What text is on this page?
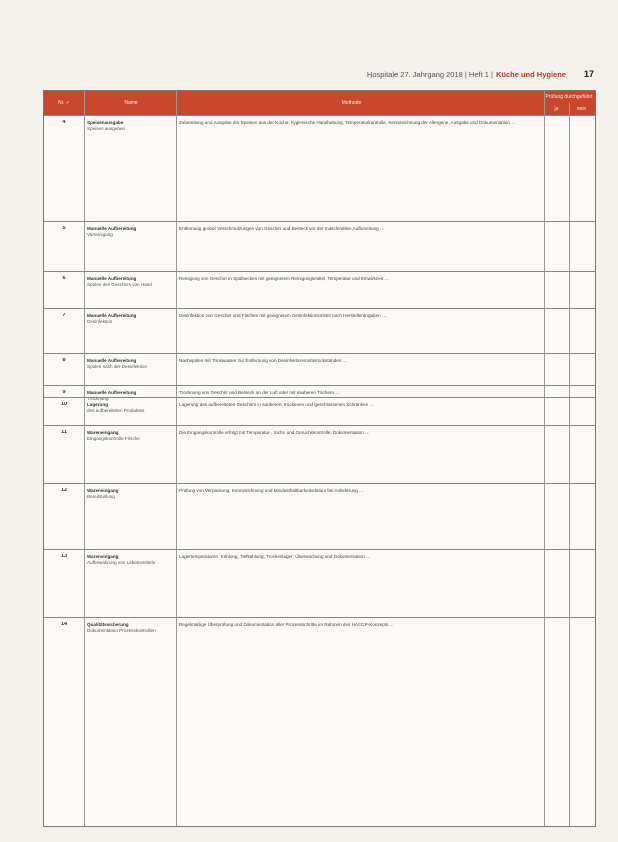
Hospitale 27. Jahrgang 2018 | Heft 1 | Küche und Hygiene 17
Nr. ✓	Name	Methode
Prüfung durchgeführt
ja	nein
4	Speisenausgabe
Speisen ausgeben
Zubereitung und Ausgabe der Speisen aus der Küche; hygienische Handhabung, Temperaturkontrolle, Kennzeichnung der Allergene, Ausgabe und Dokumentation …
5	Manuelle Aufbereitung
Vorreinigung
Entfernung grober Verschmutzungen von Geschirr und Besteck vor der maschinellen Aufbereitung …
6	Manuelle Aufbereitung
Spülen des Geschirrs von Hand
Reinigung von Geschirr in Spülbecken mit geeignetem Reinigungsmittel, Temperatur und Einwirkzeit …
7	Manuelle Aufbereitung
Desinfektion
Desinfektion von Geschirr und Flächen mit geeignetem Desinfektionsmittel nach Herstellerangaben …
8	Manuelle Aufbereitung
Spülen nach der Desinfektion
Nachspülen mit Trinkwasser zur Entfernung von Desinfektionsmittelrückständen …
9	Manuelle Aufbereitung
Trocknung
Trocknung von Geschirr und Besteck an der Luft oder mit sauberen Tüchern …
10	Lagerung
des aufbereiteten Produktes
Lagerung des aufbereiteten Geschirrs in sauberen, trockenen und geschlossenen Schränken …
11	Wareneingang
Eingangskontrolle Frische
Die Eingangskontrolle erfolgt mit Temperatur-, Sicht- und Geruchskontrolle; Dokumentation …
12	Wareneingang
Bereitstellung
Prüfung von Verpackung, Kennzeichnung und Mindesthaltbarkeitsdatum bei Anlieferung …
13	Wareneingang
Aufbewahrung von Lebensmitteln
Lagertemperaturen: Kühlung, Tiefkühlung, Trockenlager; Überwachung und Dokumentation …
14	Qualitätssicherung
Dokumentation Prozesskontrollen
Regelmäßige Überprüfung und Dokumentation aller Prozessschritte im Rahmen des HACCP-Konzepts …
